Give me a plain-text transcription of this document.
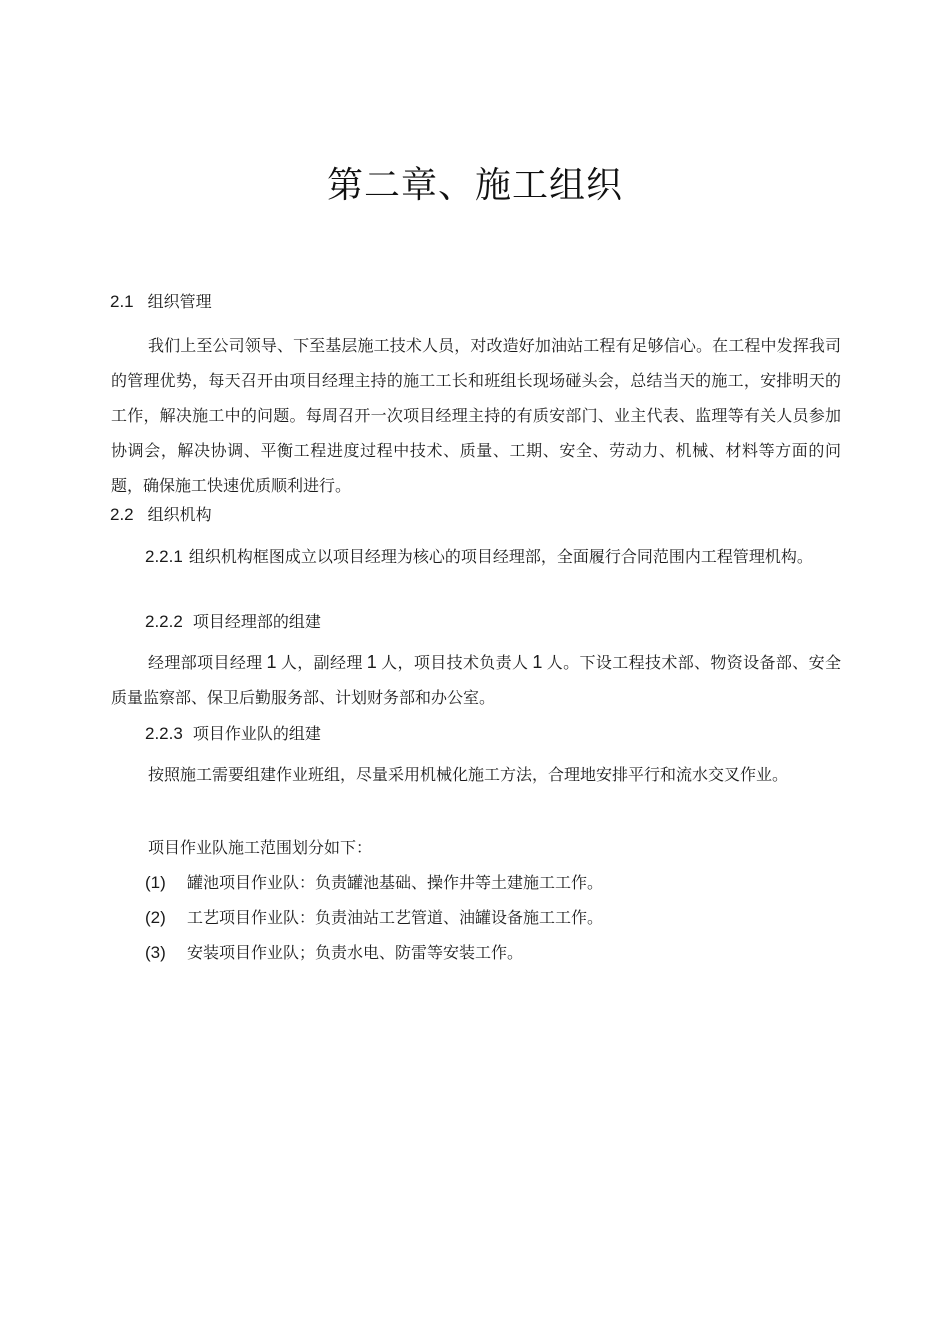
第二章、施工组织
2.1 组织管理

我们上至公司领导、下至基层施工技术人员，对改造好加油站工程有足够信心。在工程中发挥我司的管理优势，每天召开由项目经理主持的施工工长和班组长现场碰头会，总结当天的施工，安排明天的工作，解决施工中的问题。每周召开一次项目经理主持的有质安部门、业主代表、监理等有关人员参加协调会，解决协调、平衡工程进度过程中技术、质量、工期、安全、劳动力、机械、材料等方面的问题，确保施工快速优质顺利进行。

2.2 组织机构

2.2.1 组织机构框图成立以项目经理为核心的项目经理部，全面履行合同范围内工程管理机构。

2.2.2 项目经理部的组建

经理部项目经理 1 人，副经理 1 人，项目技术负责人 1 人。下设工程技术部、物资设备部、安全质量监察部、保卫后勤服务部、计划财务部和办公室。

2.2.3 项目作业队的组建

按照施工需要组建作业班组，尽量采用机械化施工方法，合理地安排平行和流水交叉作业。

项目作业队施工范围划分如下：
(1) 罐池项目作业队：负责罐池基础、操作井等土建施工工作。
(2) 工艺项目作业队：负责油站工艺管道、油罐设备施工工作。
(3) 安装项目作业队；负责水电、防雷等安装工作。
